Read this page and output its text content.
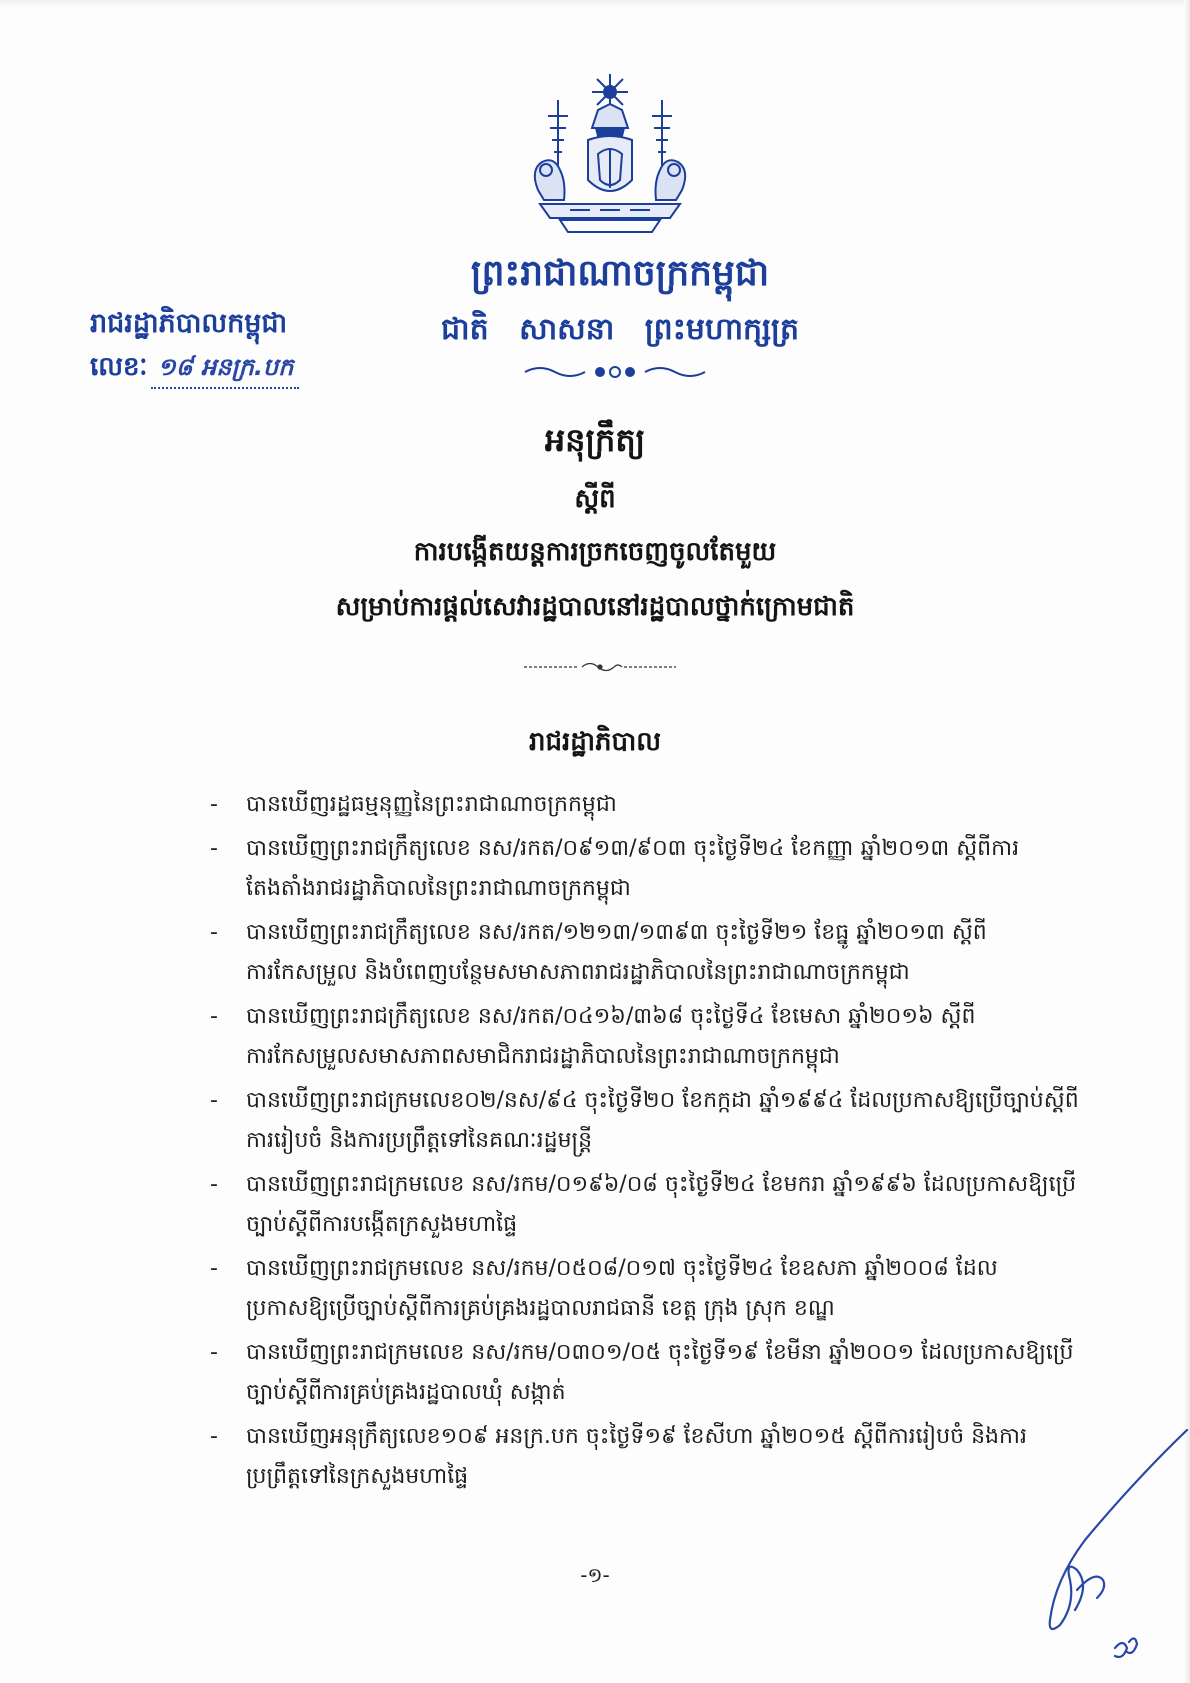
ព្រះរាជាណាចក្រកម្ពុជា
ជាតិ សាសនា ព្រះមហាក្សត្រ
រាជរដ្ឋាភិបាលកម្ពុជា
លេខៈ ១៨ អនក្រ.បក
អនុក្រឹត្យ
ស្តីពី
ការបង្កើតយន្តការច្រកចេញចូលតែមួយ
សម្រាប់ការផ្តល់សេវារដ្ឋបាលនៅរដ្ឋបាលថ្នាក់ក្រោមជាតិ
រាជរដ្ឋាភិបាល
-	បានឃើញរដ្ឋធម្មនុញ្ញនៃព្រះរាជាណាចក្រកម្ពុជា
-	បានឃើញព្រះរាជក្រឹត្យលេខ នស/រកត/០៩១៣/៩០៣ ចុះថ្ងៃទី២៤ ខែកញ្ញា ឆ្នាំ២០១៣ ស្តីពីការតែងតាំងរាជរដ្ឋាភិបាលនៃព្រះរាជាណាចក្រកម្ពុជា
-	បានឃើញព្រះរាជក្រឹត្យលេខ នស/រកត/១២១៣/១៣៩៣ ចុះថ្ងៃទី២១ ខែធ្នូ ឆ្នាំ២០១៣ ស្តីពីការកែសម្រួល និងបំពេញបន្ថែមសមាសភាពរាជរដ្ឋាភិបាលនៃព្រះរាជាណាចក្រកម្ពុជា
-	បានឃើញព្រះរាជក្រឹត្យលេខ នស/រកត/០៤១៦/៣៦៨ ចុះថ្ងៃទី៤ ខែមេសា ឆ្នាំ២០១៦ ស្តីពីការកែសម្រួលសមាសភាពសមាជិករាជរដ្ឋាភិបាលនៃព្រះរាជាណាចក្រកម្ពុជា
-	បានឃើញព្រះរាជក្រមលេខ០២/នស/៩៤ ចុះថ្ងៃទី២០ ខែកក្កដា ឆ្នាំ១៩៩៤ ដែលប្រកាសឱ្យប្រើច្បាប់ស្តីពីការរៀបចំ និងការប្រព្រឹត្តទៅនៃគណៈរដ្ឋមន្ត្រី
-	បានឃើញព្រះរាជក្រមលេខ នស/រកម/០១៩៦/០៨ ចុះថ្ងៃទី២៤ ខែមករា ឆ្នាំ១៩៩៦ ដែលប្រកាសឱ្យប្រើច្បាប់ស្តីពីការបង្កើតក្រសួងមហាផ្ទៃ
-	បានឃើញព្រះរាជក្រមលេខ នស/រកម/០៥០៨/០១៧ ចុះថ្ងៃទី២៤ ខែឧសភា ឆ្នាំ២០០៨ ដែលប្រកាសឱ្យប្រើច្បាប់ស្តីពីការគ្រប់គ្រងរដ្ឋបាលរាជធានី ខេត្ត ក្រុង ស្រុក ខណ្ឌ
-	បានឃើញព្រះរាជក្រមលេខ នស/រកម/០៣០១/០៥ ចុះថ្ងៃទី១៩ ខែមីនា ឆ្នាំ២០០១ ដែលប្រកាសឱ្យប្រើច្បាប់ស្តីពីការគ្រប់គ្រងរដ្ឋបាលឃុំ សង្កាត់
-	បានឃើញអនុក្រឹត្យលេខ១០៩ អនក្រ.បក ចុះថ្ងៃទី១៩ ខែសីហា ឆ្នាំ២០១៥ ស្តីពីការរៀបចំ និងការប្រព្រឹត្តទៅនៃក្រសួងមហាផ្ទៃ
-១-
